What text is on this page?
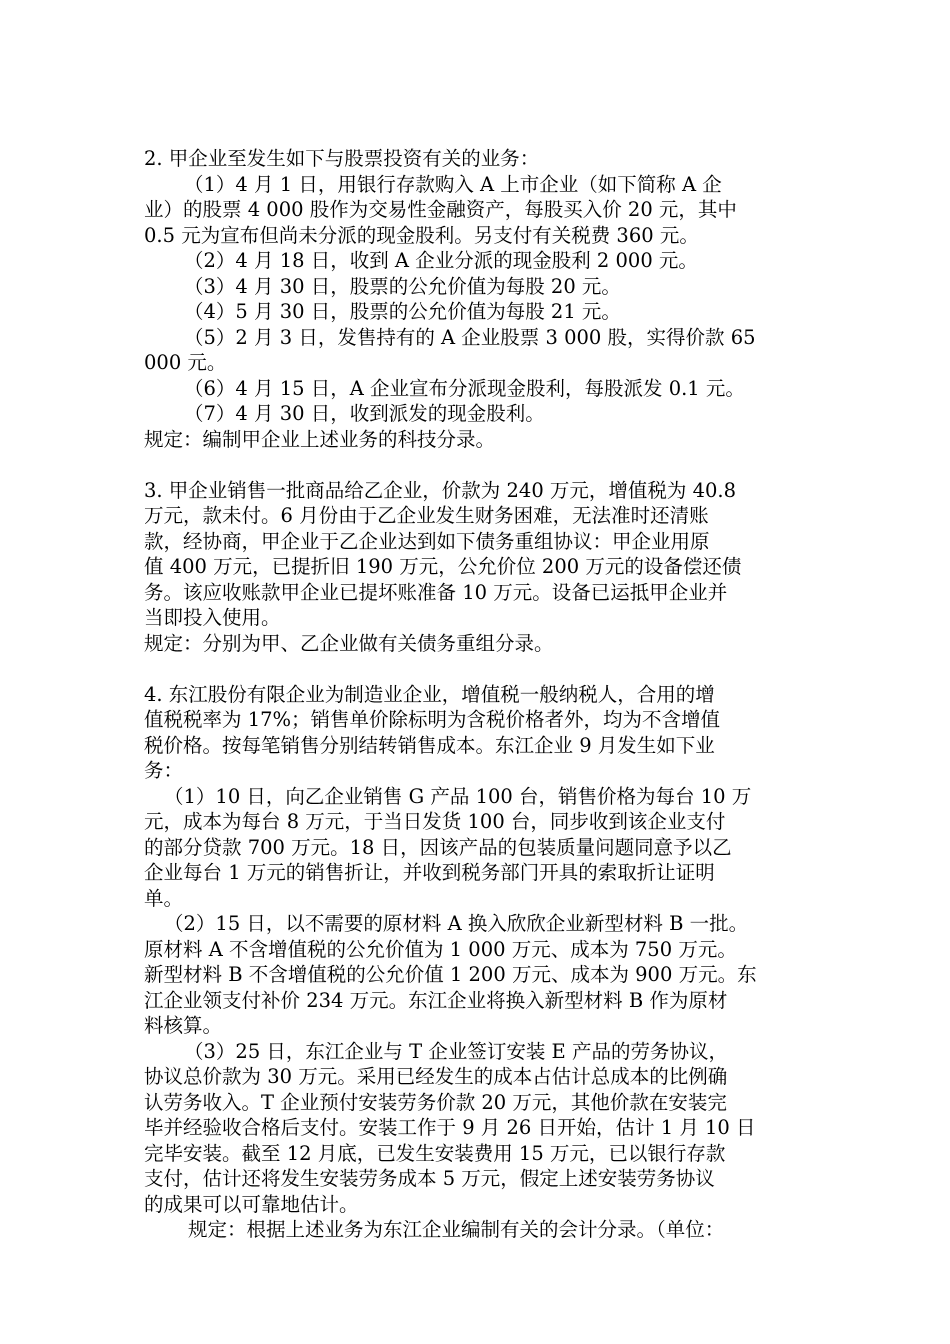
2. 甲企业至发生如下与股票投资有关的业务：
（1）4 月 1 日，用银行存款购入 A 上市企业（如下简称 A 企
业）的股票 4 000 股作为交易性金融资产，每股买入价 20 元，其中
0.5 元为宣布但尚未分派的现金股利。另支付有关税费 360 元。
（2）4 月 18 日，收到 A 企业分派的现金股利 2 000 元。
（3）4 月 30 日，股票的公允价值为每股 20 元。
（4）5 月 30 日，股票的公允价值为每股 21 元。
（5）2 月 3 日，发售持有的 A 企业股票 3 000 股，实得价款 65
000 元。
（6）4 月 15 日，A 企业宣布分派现金股利，每股派发 0.1 元。
（7）4 月 30 日，收到派发的现金股利。
规定：编制甲企业上述业务的科技分录。
3. 甲企业销售一批商品给乙企业，价款为 240 万元，增值税为 40.8
万元，款未付。6 月份由于乙企业发生财务困难，无法准时还清账
款，经协商，甲企业于乙企业达到如下债务重组协议：甲企业用原
值 400 万元，已提折旧 190 万元，公允价位 200 万元的设备偿还债
务。该应收账款甲企业已提坏账准备 10 万元。设备已运抵甲企业并
当即投入使用。
规定：分别为甲、乙企业做有关债务重组分录。
4. 东江股份有限企业为制造业企业，增值税一般纳税人，合用的增
值税税率为 17%；销售单价除标明为含税价格者外，均为不含增值
税价格。按每笔销售分别结转销售成本。东江企业 9 月发生如下业
务：
（1）10 日，向乙企业销售 G 产品 100 台，销售价格为每台 10 万
元，成本为每台 8 万元，于当日发货 100 台，同步收到该企业支付
的部分贷款 700 万元。18 日，因该产品的包装质量问题同意予以乙
企业每台 1 万元的销售折让，并收到税务部门开具的索取折让证明
单。
（2）15 日，以不需要的原材料 A 换入欣欣企业新型材料 B 一批。
原材料 A 不含增值税的公允价值为 1 000 万元、成本为 750 万元。
新型材料 B 不含增值税的公允价值 1 200 万元、成本为 900 万元。东
江企业领支付补价 234 万元。东江企业将换入新型材料 B 作为原材
料核算。
（3）25 日，东江企业与 T 企业签订安装 E 产品的劳务协议，
协议总价款为 30 万元。采用已经发生的成本占估计总成本的比例确
认劳务收入。T 企业预付安装劳务价款 20 万元，其他价款在安装完
毕并经验收合格后支付。安装工作于 9 月 26 日开始，估计 1 月 10 日
完毕安装。截至 12 月底，已发生安装费用 15 万元，已以银行存款
支付，估计还将发生安装劳务成本 5 万元，假定上述安装劳务协议
的成果可以可靠地估计。
规定：根据上述业务为东江企业编制有关的会计分录。（单位：
